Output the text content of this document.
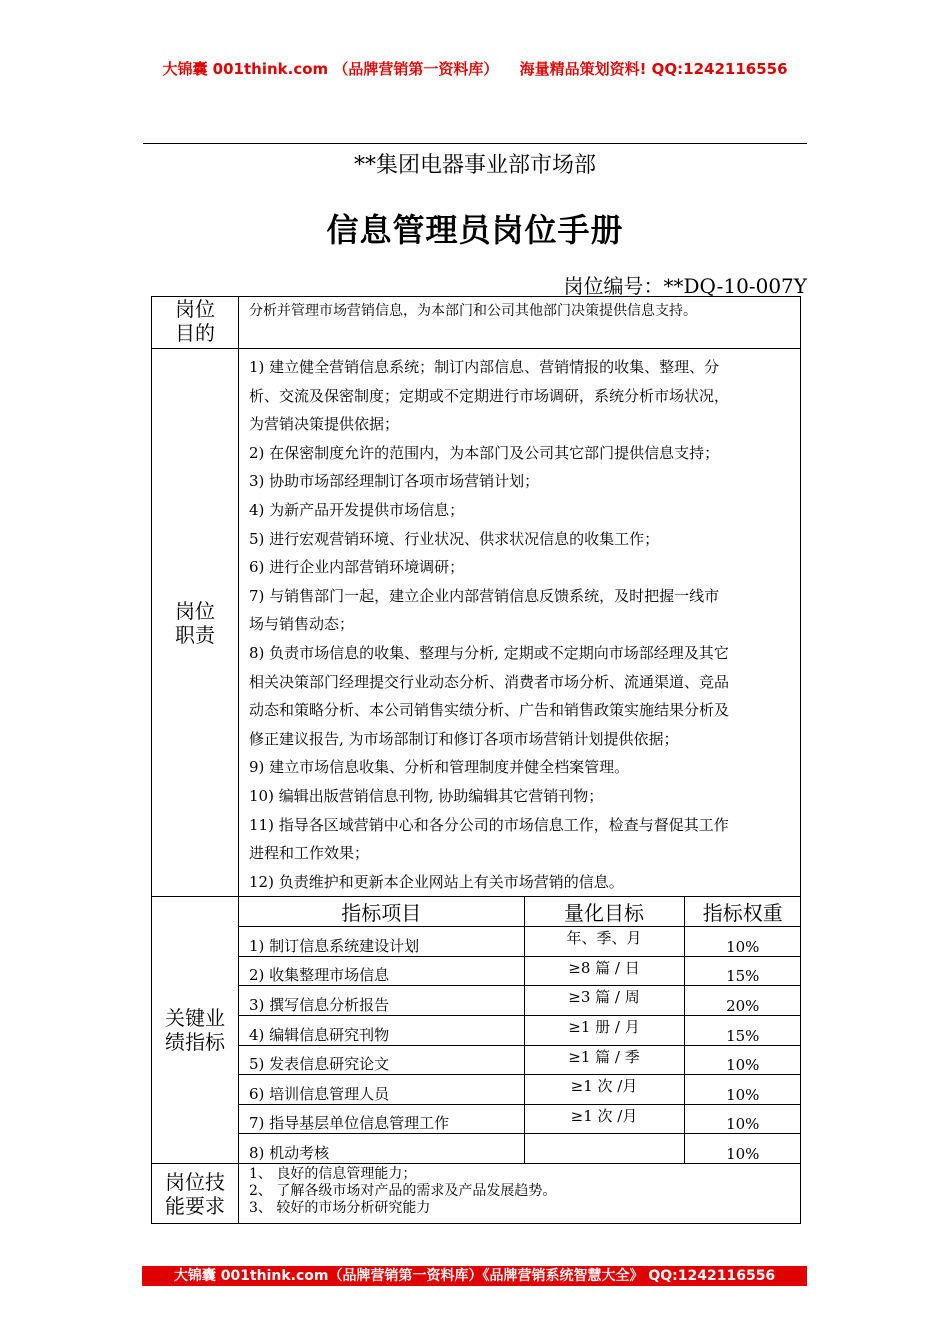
大锦囊 001think.com （品牌营销第一资料库） 海量精品策划资料! QQ:1242116556
**集团电器事业部市场部
信息管理员岗位手册
岗位编号：**DQ-10-007Y
岗位
目的
	分析并管理市场营销信息，为本部门和公司其他部门决策提供信息支持。

岗位
职责

1) 建立健全营销信息系统；制订内部信息、营销情报的收集、整理、分
析、交流及保密制度；定期或不定期进行市场调研，系统分析市场状况，
为营销决策提供依据；
2) 在保密制度允许的范围内，为本部门及公司其它部门提供信息支持；
3) 协助市场部经理制订各项市场营销计划；
4) 为新产品开发提供市场信息；
5) 进行宏观营销环境、行业状况、供求状况信息的收集工作；
6) 进行企业内部营销环境调研；
7) 与销售部门一起，建立企业内部营销信息反馈系统，及时把握一线市
场与销售动态；
8) 负责市场信息的收集、整理与分析, 定期或不定期向市场部经理及其它
相关决策部门经理提交行业动态分析、消费者市场分析、流通渠道、竞品
动态和策略分析、本公司销售实绩分析、广告和销售政策实施结果分析及
修正建议报告, 为市场部制订和修订各项市场营销计划提供依据；
9) 建立市场信息收集、分析和管理制度并健全档案管理。
10) 编辑出版营销信息刊物, 协助编辑其它营销刊物；
11) 指导各区域营销中心和各分公司的市场信息工作，检查与督促其工作
进程和工作效果；
12) 负责维护和更新本企业网站上有关市场营销的信息。

关键业
绩指标

指标项目	量化目标	指标权重
1) 制订信息系统建设计划	年、季、月	10%
2) 收集整理市场信息	≥8 篇 / 日	15%
3) 撰写信息分析报告	≥3 篇 / 周	20%
4) 编辑信息研究刊物	≥1 册 / 月	15%
5) 发表信息研究论文	≥1 篇 / 季	10%
6) 培训信息管理人员	≥1 次 /月	10%
7) 指导基层单位信息管理工作	≥1 次 /月	10%
8) 机动考核		10%

岗位技
能要求

1、 良好的信息管理能力；
2、 了解各级市场对产品的需求及产品发展趋势。
3、 较好的市场分析研究能力
大锦囊 001think.com（品牌营销第一资料库）《品牌营销系统智慧大全》 QQ:1242116556
